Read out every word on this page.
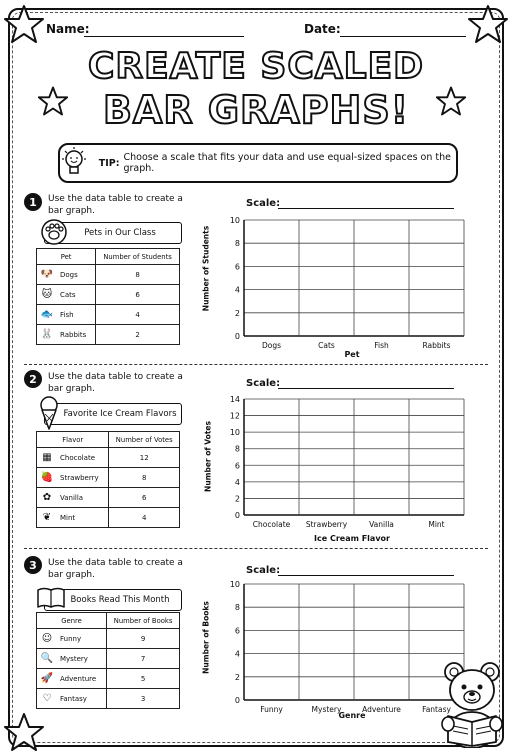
Name:	Date:
CREATE SCALED
BAR GRAPHS!
TIP: Choose a scale that fits your data and use equal-sized spaces on the graph.
1	Use the data table to create a bar graph.
Pets in Our Class
Pet	Number of Students
🐶 Dogs	8
🐱 Cats	6
🐟 Fish	4
🐰 Rabbits	2
Scale:
Number of Students
0
2
4
6
8
10
Dogs	Cats	Fish	Rabbits
Pet
2	Use the data table to create a bar graph.
Favorite Ice Cream Flavors
Flavor	Number of Votes
▦ Chocolate	12
🍓 Strawberry	8
✿ Vanilla	6
❦ Mint	4
Scale:
Number of Votes
0
2
4
6
8
10
12
14
Chocolate Strawberry	Vanilla	Mint
Ice Cream Flavor
3	Use the data table to create a bar graph.
Books Read This Month
Genre	Number of Books
☺ Funny	9
🔍 Mystery	7
🚀 Adventure	5
♡ Fantasy	3
Scale:
Number of Books
0
2
4
6
8
10
Funny	Mystery	Adventure	Fantasy
Genre
